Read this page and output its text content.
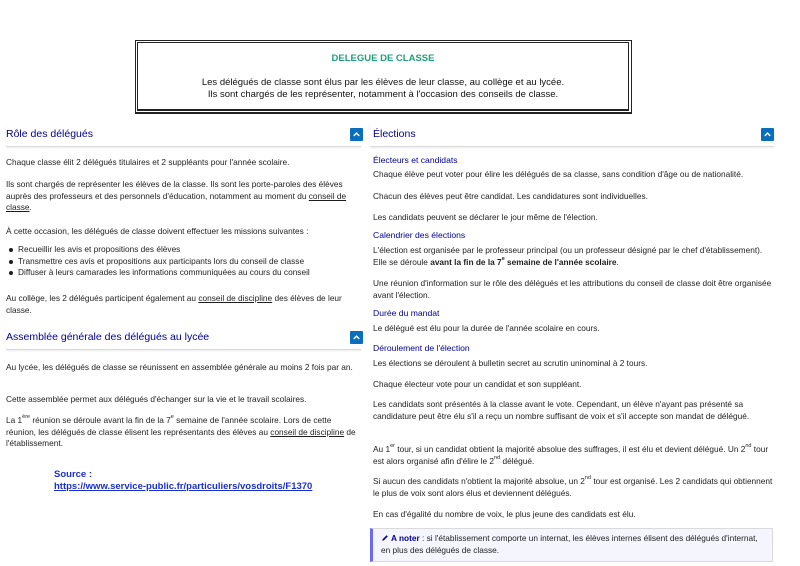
DELEGUE DE CLASSE
Les délégués de classe sont élus par les élèves de leur classe, au collège et au lycée.
Ils sont chargés de les représenter, notamment à l'occasion des conseils de classe.
Rôle des délégués

Chaque classe élit 2 délégués titulaires et 2 suppléants pour l'année scolaire.

Ils sont chargés de représenter les élèves de la classe. Ils sont les porte-paroles des élèves auprès des professeurs et des personnels d'éducation, notamment au moment du conseil de classe.

À cette occasion, les délégués de classe doivent effectuer les missions suivantes :

Recueillir les avis et propositions des élèves
Transmettre ces avis et propositions aux participants lors du conseil de classe
Diffuser à leurs camarades les informations communiquées au cours du conseil

Au collège, les 2 délégués participent également au conseil de discipline des élèves de leur classe.

Assemblée générale des délégués au lycée

Au lycée, les délégués de classe se réunissent en assemblée générale au moins 2 fois par an.

Cette assemblée permet aux délégués d'échanger sur la vie et le travail scolaires.

La 1ère réunion se déroule avant la fin de la 7e semaine de l'année scolaire. Lors de cette réunion, les délégués de classe élisent les représentants des élèves au conseil de discipline de l'établissement.

Source :
https://www.service-public.fr/particuliers/vosdroits/F1370
Élections
Électeurs et candidats

Chaque élève peut voter pour élire les délégués de sa classe, sans condition d'âge ou de nationalité.

Chacun des élèves peut être candidat. Les candidatures sont individuelles.

Les candidats peuvent se déclarer le jour même de l'élection.

Calendrier des élections

L'élection est organisée par le professeur principal (ou un professeur désigné par le chef d'établissement). Elle se déroule avant la fin de la 7e semaine de l'année scolaire.

Une réunion d'information sur le rôle des délégués et les attributions du conseil de classe doit être organisée avant l'élection.

Durée du mandat

Le délégué est élu pour la durée de l'année scolaire en cours.

Déroulement de l'élection

Les élections se déroulent à bulletin secret au scrutin uninominal à 2 tours.

Chaque électeur vote pour un candidat et son suppléant.

Les candidats sont présentés à la classe avant le vote. Cependant, un élève n'ayant pas présenté sa candidature peut être élu s'il a reçu un nombre suffisant de voix et s'il accepte son mandat de délégué.

Au 1er tour, si un candidat obtient la majorité absolue des suffrages, il est élu et devient délégué. Un 2nd tour est alors organisé afin d'élire le 2nd délégué.

Si aucun des candidats n'obtient la majorité absolue, un 2nd tour est organisé. Les 2 candidats qui obtiennent le plus de voix sont alors élus et deviennent délégués.

En cas d'égalité du nombre de voix, le plus jeune des candidats est élu.

A noter : si l'établissement comporte un internat, les élèves internes élisent des délégués d'internat, en plus des délégués de classe.
